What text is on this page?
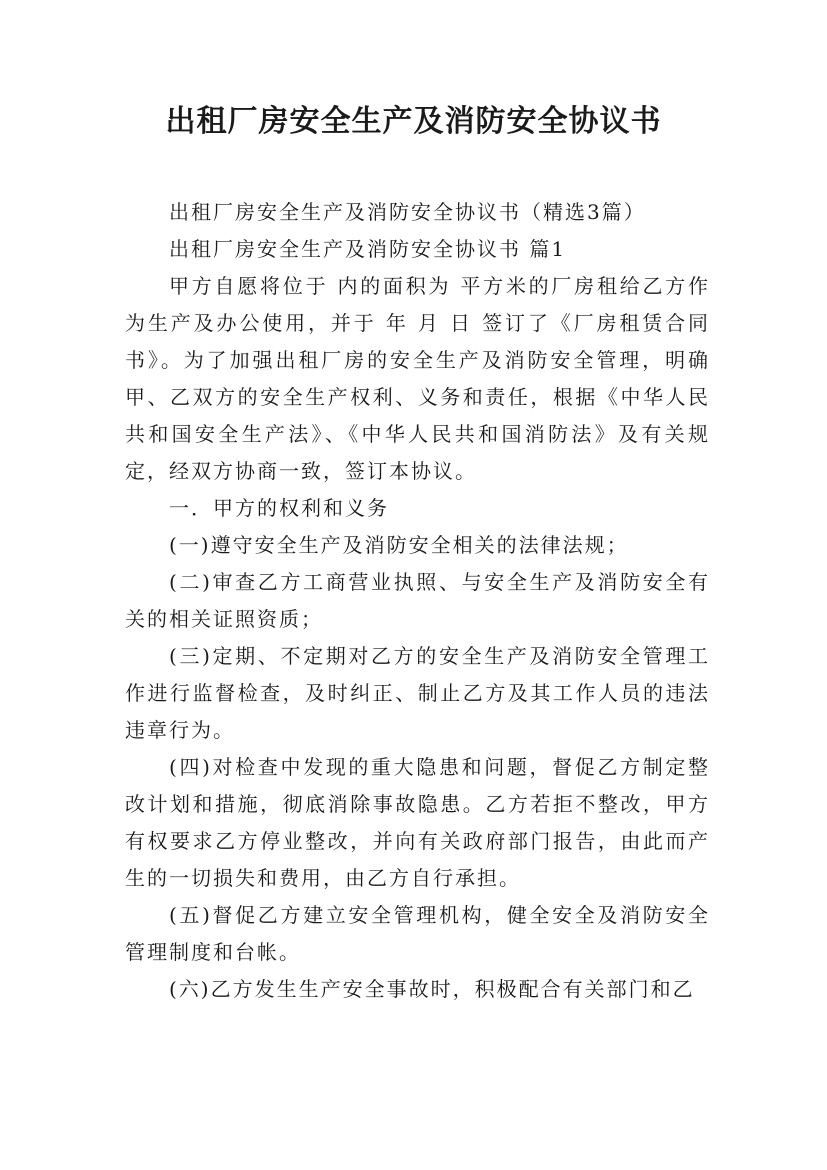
出租厂房安全生产及消防安全协议书

出租厂房安全生产及消防安全协议书（精选3篇）

出租厂房安全生产及消防安全协议书 篇1

甲方自愿将位于 内的面积为 平方米的厂房租给乙方作为生产及办公使用，并于 年 月 日 签订了《厂房租赁合同书》。为了加强出租厂房的安全生产及消防安全管理，明确甲、乙双方的安全生产权利、义务和责任，根据《中华人民共和国安全生产法》、《中华人民共和国消防法》及有关规定，经双方协商一致，签订本协议。

一．甲方的权利和义务

(一)遵守安全生产及消防安全相关的法律法规；

(二)审查乙方工商营业执照、与安全生产及消防安全有关的相关证照资质；

(三)定期、不定期对乙方的安全生产及消防安全管理工作进行监督检查，及时纠正、制止乙方及其工作人员的违法违章行为。

(四)对检查中发现的重大隐患和问题，督促乙方制定整改计划和措施，彻底消除事故隐患。乙方若拒不整改，甲方有权要求乙方停业整改，并向有关政府部门报告，由此而产生的一切损失和费用，由乙方自行承担。

(五)督促乙方建立安全管理机构，健全安全及消防安全管理制度和台帐。

(六)乙方发生生产安全事故时，积极配合有关部门和乙
